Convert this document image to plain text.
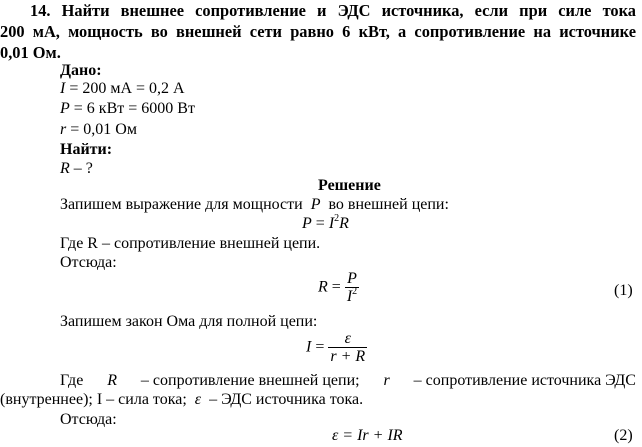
14. Найти внешнее сопротивление и ЭДС источника, если при силе тока
200 мА, мощность во внешней сети равно 6 кВт, а сопротивление на источнике
0,01 Ом.
Дано:
I = 200 мА = 0,2 А
P = 6 кВт = 6000 Вт
r = 0,01 Ом
Найти:
R – ?
Решение
Запишем выражение для мощности P во внешней цепи:
$P = I^2R$
Где R – сопротивление внешней цепи.
Отсюда:
$R = \frac{P}{I^2}$	(1)
Запишем закон Ома для полной цепи:
$I = \frac{\varepsilon}{r + R}$
Где R – сопротивление внешней цепи; r – сопротивление источника ЭДС
(внутреннее); I – сила тока; ε – ЭДС источника тока.
Отсюда:
ε = Ir + IR	(2)
